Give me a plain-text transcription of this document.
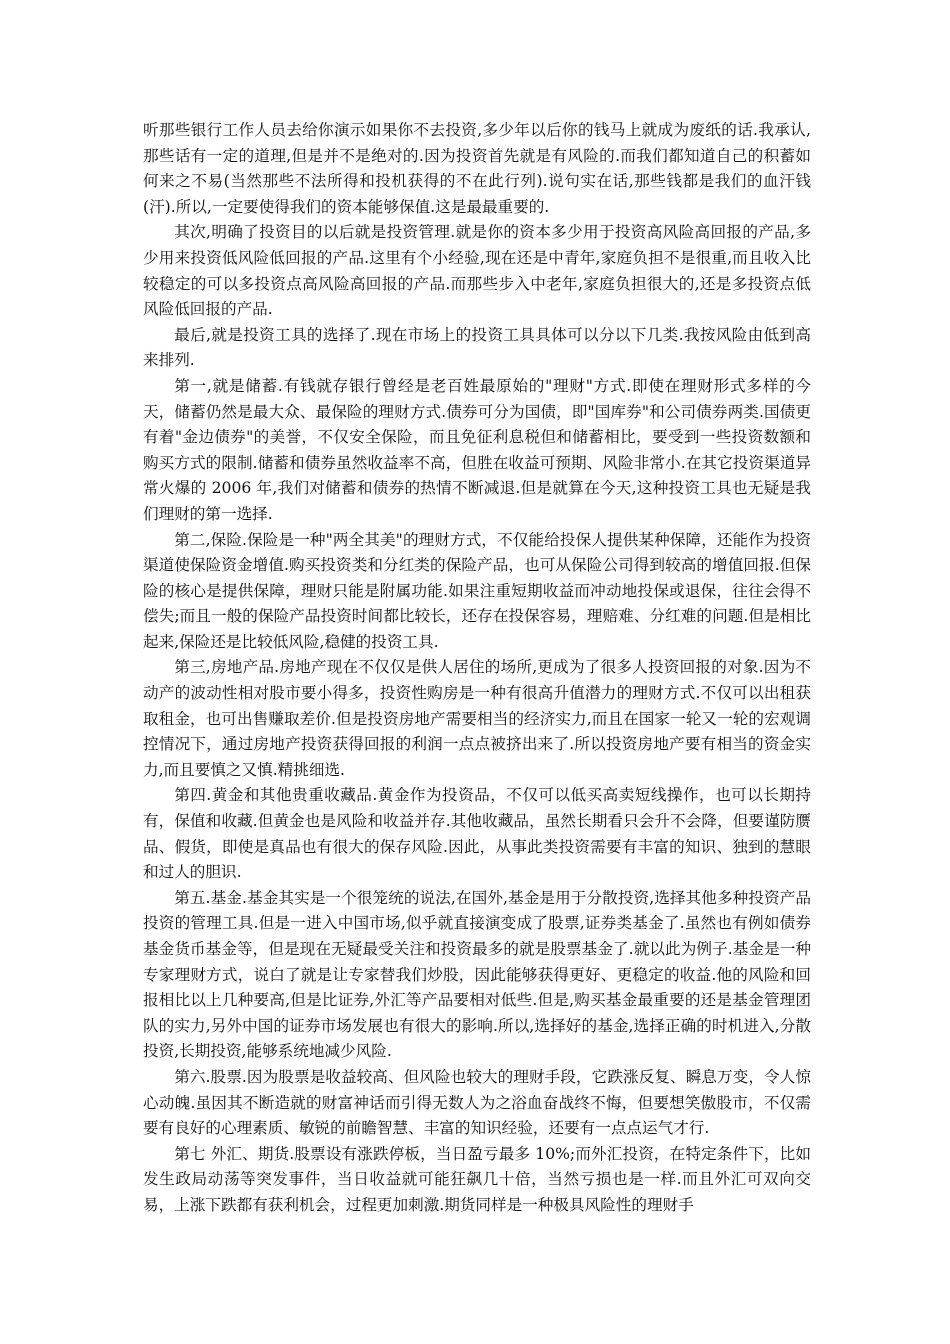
听那些银行工作人员去给你演示如果你不去投资,多少年以后你的钱马上就成为废纸的话.我承认,那些话有一定的道理,但是并不是绝对的.因为投资首先就是有风险的.而我们都知道自己的积蓄如何来之不易(当然那些不法所得和投机获得的不在此行列).说句实在话,那些钱都是我们的血汗钱(汗).所以,一定要使得我们的资本能够保值.这是最最重要的.

其次,明确了投资目的以后就是投资管理.就是你的资本多少用于投资高风险高回报的产品,多少用来投资低风险低回报的产品.这里有个小经验,现在还是中青年,家庭负担不是很重,而且收入比较稳定的可以多投资点高风险高回报的产品.而那些步入中老年,家庭负担很大的,还是多投资点低风险低回报的产品.

最后,就是投资工具的选择了.现在市场上的投资工具具体可以分以下几类.我按风险由低到高来排列.

第一,就是储蓄.有钱就存银行曾经是老百姓最原始的"理财"方式.即使在理财形式多样的今天，储蓄仍然是最大众、最保险的理财方式.债券可分为国债，即"国库券"和公司债券两类.国债更有着"金边债券"的美誉，不仅安全保险，而且免征利息税但和储蓄相比，要受到一些投资数额和购买方式的限制.储蓄和债券虽然收益率不高，但胜在收益可预期、风险非常小.在其它投资渠道异常火爆的 2006 年,我们对储蓄和债券的热情不断减退.但是就算在今天,这种投资工具也无疑是我们理财的第一选择.

第二,保险.保险是一种"两全其美"的理财方式，不仅能给投保人提供某种保障，还能作为投资渠道使保险资金增值.购买投资类和分红类的保险产品，也可从保险公司得到较高的增值回报.但保险的核心是提供保障，理财只能是附属功能.如果注重短期收益而冲动地投保或退保，往往会得不偿失;而且一般的保险产品投资时间都比较长，还存在投保容易，理赔难、分红难的问题.但是相比起来,保险还是比较低风险,稳健的投资工具.

第三,房地产品.房地产现在不仅仅是供人居住的场所,更成为了很多人投资回报的对象.因为不动产的波动性相对股市要小得多，投资性购房是一种有很高升值潜力的理财方式.不仅可以出租获取租金，也可出售赚取差价.但是投资房地产需要相当的经济实力,而且在国家一轮又一轮的宏观调控情况下，通过房地产投资获得回报的利润一点点被挤出来了.所以投资房地产要有相当的资金实力,而且要慎之又慎.精挑细选.

第四.黄金和其他贵重收藏品.黄金作为投资品，不仅可以低买高卖短线操作，也可以长期持有，保值和收藏.但黄金也是风险和收益并存.其他收藏品，虽然长期看只会升不会降，但要谨防赝品、假货，即使是真品也有很大的保存风险.因此，从事此类投资需要有丰富的知识、独到的慧眼和过人的胆识.

第五.基金.基金其实是一个很笼统的说法,在国外,基金是用于分散投资,选择其他多种投资产品投资的管理工具.但是一进入中国市场,似乎就直接演变成了股票,证券类基金了.虽然也有例如债券基金货币基金等，但是现在无疑最受关注和投资最多的就是股票基金了.就以此为例子.基金是一种专家理财方式，说白了就是让专家替我们炒股，因此能够获得更好、更稳定的收益.他的风险和回报相比以上几种要高,但是比证券,外汇等产品要相对低些.但是,购买基金最重要的还是基金管理团队的实力,另外中国的证券市场发展也有很大的影响.所以,选择好的基金,选择正确的时机进入,分散投资,长期投资,能够系统地减少风险.

第六.股票.因为股票是收益较高、但风险也较大的理财手段，它跌涨反复、瞬息万变，令人惊心动魄.虽因其不断造就的财富神话而引得无数人为之浴血奋战终不悔，但要想笑傲股市，不仅需要有良好的心理素质、敏锐的前瞻智慧、丰富的知识经验，还要有一点点运气才行.

第七 外汇、期货.股票设有涨跌停板，当日盈亏最多 10%;而外汇投资，在特定条件下，比如发生政局动荡等突发事件，当日收益就可能狂飙几十倍，当然亏损也是一样.而且外汇可双向交易，上涨下跌都有获利机会，过程更加刺激.期货同样是一种极具风险性的理财手
